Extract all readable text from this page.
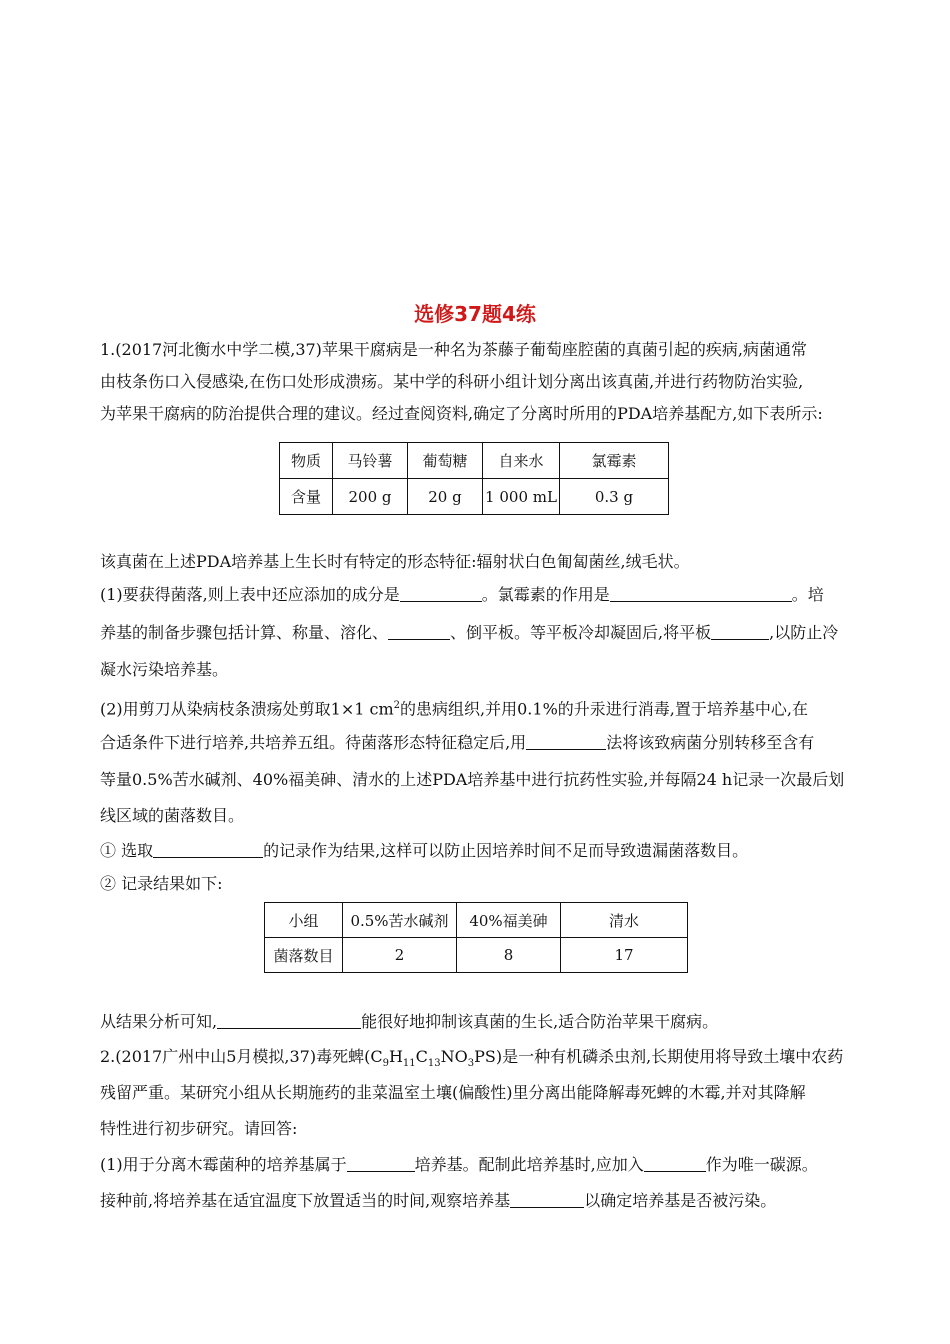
选修37题4练
1.(2017河北衡水中学二模,37)苹果干腐病是一种名为茶藤子葡萄座腔菌的真菌引起的疾病,病菌通常
由枝条伤口入侵感染,在伤口处形成溃疡。某中学的科研小组计划分离出该真菌,并进行药物防治实验,
为苹果干腐病的防治提供合理的建议。经过查阅资料,确定了分离时所用的PDA培养基配方,如下表所示:
物质	马铃薯	葡萄糖	自来水	氯霉素
含量	200 g	20 g	1 000 mL	0.3 g
该真菌在上述PDA培养基上生长时有特定的形态特征:辐射状白色匍匐菌丝,绒毛状。
(1)要获得菌落,则上表中还应添加的成分是	。氯霉素的作用是	。培
养基的制备步骤包括计算、称量、溶化、	、倒平板。等平板冷却凝固后,将平板	,以防止冷
凝水污染培养基。
(2)用剪刀从染病枝条溃疡处剪取1×1 $cm^2$的患病组织,并用0.1%的升汞进行消毒,置于培养基中心,在
合适条件下进行培养,共培养五组。待菌落形态特征稳定后,用	法将该致病菌分别转移至含有
等量0.5%苦水碱剂、40%福美砷、清水的上述PDA培养基中进行抗药性实验,并每隔24 h记录一次最后划
线区域的菌落数目。
① 选取	的记录作为结果,这样可以防止因培养时间不足而导致遗漏菌落数目。
② 记录结果如下:
小组	0.5%苦水碱剂	40%福美砷	清水
菌落数目	2	8	17
从结果分析可知,	能很好地抑制该真菌的生长,适合防治苹果干腐病。
2.(2017广州中山5月模拟,37)毒死蜱$(C_9H_{11}C_{13}NO_3PS)$是一种有机磷杀虫剂,长期使用将导致土壤中农药
残留严重。某研究小组从长期施药的韭菜温室土壤(偏酸性)里分离出能降解毒死蜱的木霉,并对其降解
特性进行初步研究。请回答:
(1)用于分离木霉菌种的培养基属于	培养基。配制此培养基时,应加入	作为唯一碳源。
接种前,将培养基在适宜温度下放置适当的时间,观察培养基	以确定培养基是否被污染。
